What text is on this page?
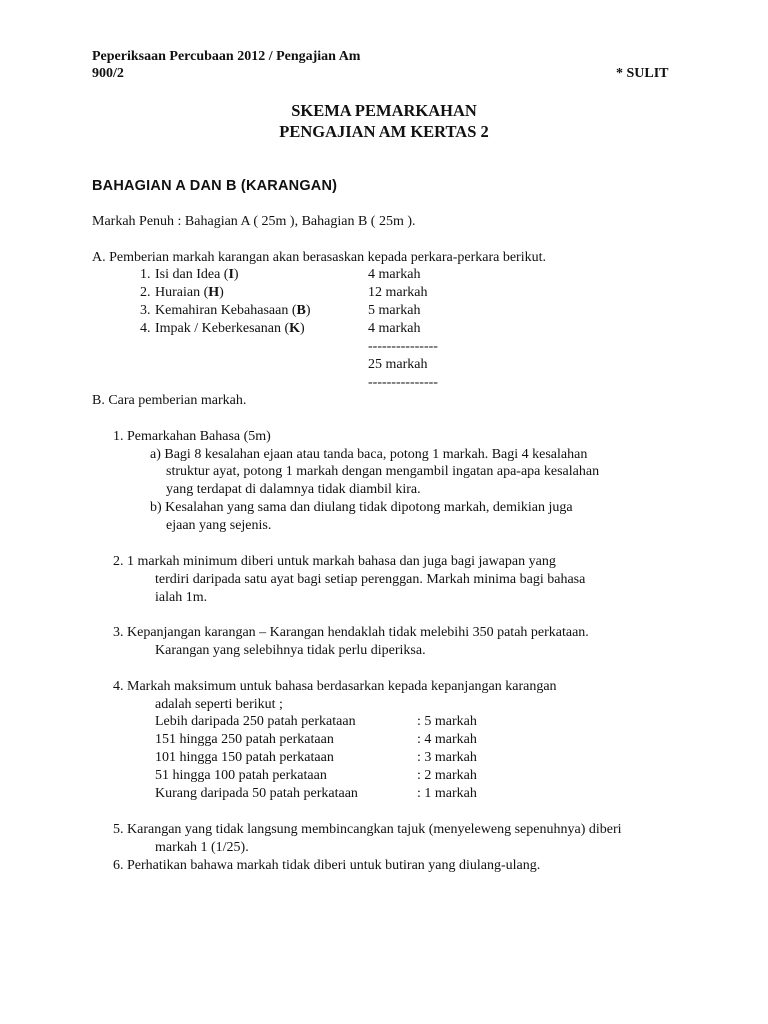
Peperiksaan Percubaan 2012 / Pengajian Am
900/2	* SULIT
SKEMA PEMARKAHAN
PENGAJIAN AM KERTAS 2
BAHAGIAN A DAN B (KARANGAN)
Markah Penuh : Bahagian A ( 25m ), Bahagian B ( 25m ).
A. Pemberian markah karangan akan berasaskan kepada perkara-perkara berikut.
1. Isi dan Idea (I)	4 markah
2. Huraian (H)	12 markah
3. Kemahiran Kebahasaan (B)	5 markah
4. Impak / Keberkesanan (K)	4 markah
---------------
25 markah
---------------
B. Cara pemberian markah.
1. Pemarkahan Bahasa (5m)
a) Bagi 8 kesalahan ejaan atau tanda baca, potong 1 markah. Bagi 4 kesalahan
struktur ayat, potong 1 markah dengan mengambil ingatan apa-apa kesalahan
yang terdapat di dalamnya tidak diambil kira.
b) Kesalahan yang sama dan diulang tidak dipotong markah, demikian juga
ejaan yang sejenis.
2. 1 markah minimum diberi untuk markah bahasa dan juga bagi jawapan yang
terdiri daripada satu ayat bagi setiap perenggan. Markah minima bagi bahasa
ialah 1m.
3. Kepanjangan karangan – Karangan hendaklah tidak melebihi 350 patah perkataan.
Karangan yang selebihnya tidak perlu diperiksa.
4. Markah maksimum untuk bahasa berdasarkan kepada kepanjangan karangan
adalah seperti berikut ;
Lebih daripada 250 patah perkataan	: 5 markah
151 hingga 250 patah perkataan	: 4 markah
101 hingga 150 patah perkataan	: 3 markah
51 hingga 100 patah perkataan	: 2 markah
Kurang daripada 50 patah perkataan	: 1 markah
5. Karangan yang tidak langsung membincangkan tajuk (menyeleweng sepenuhnya) diberi
markah 1 (1/25).
6. Perhatikan bahawa markah tidak diberi untuk butiran yang diulang-ulang.
